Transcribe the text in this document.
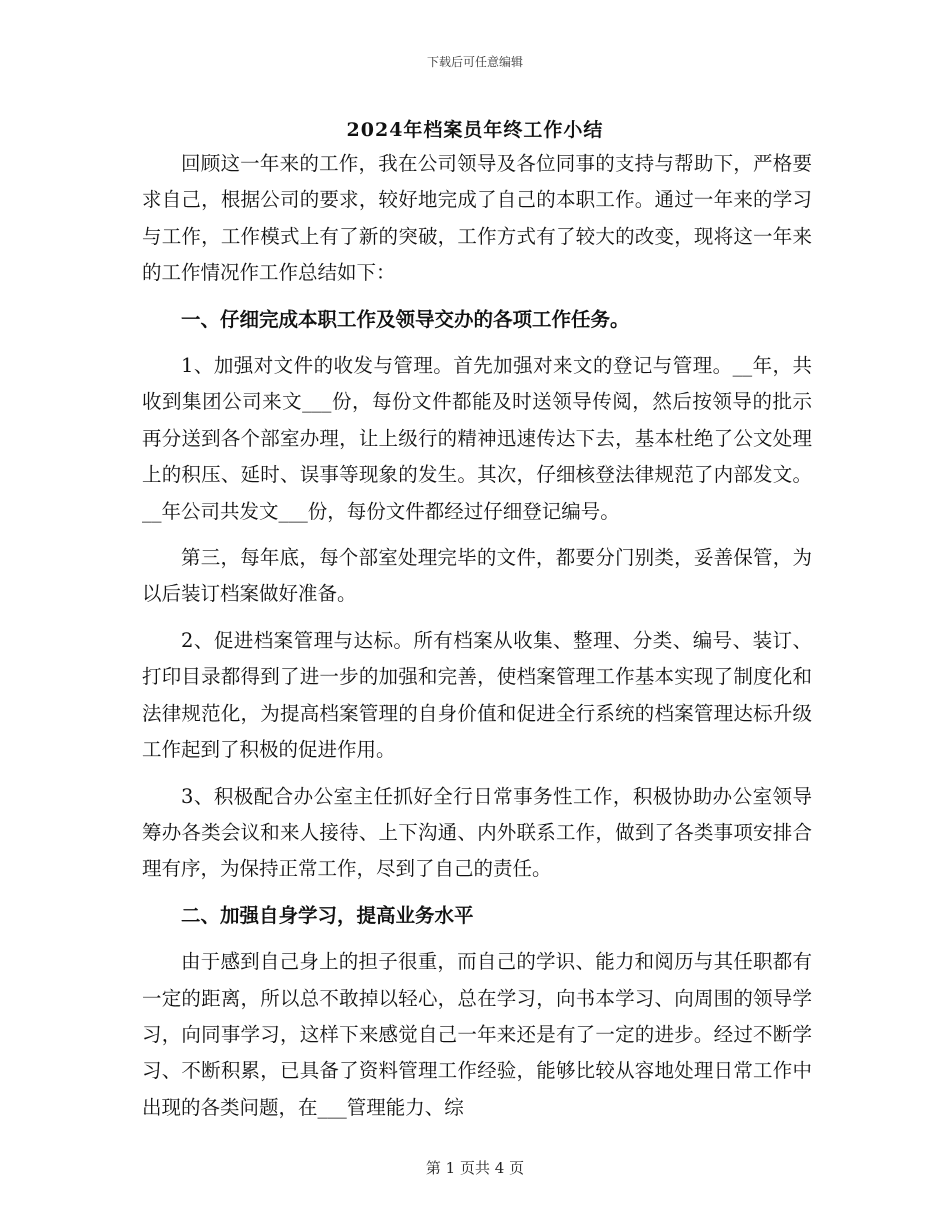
下载后可任意编辑
2024年档案员年终工作小结

回顾这一年来的工作，我在公司领导及各位同事的支持与帮助下，严格要求自己，根据公司的要求，较好地完成了自己的本职工作。通过一年来的学习与工作，工作模式上有了新的突破，工作方式有了较大的改变，现将这一年来的工作情况作工作总结如下：

一、仔细完成本职工作及领导交办的各项工作任务。

1、加强对文件的收发与管理。首先加强对来文的登记与管理。__年，共收到集团公司来文___份，每份文件都能及时送领导传阅，然后按领导的批示再分送到各个部室办理，让上级行的精神迅速传达下去，基本杜绝了公文处理上的积压、延时、误事等现象的发生。其次，仔细核登法律规范了内部发文。__年公司共发文___份，每份文件都经过仔细登记编号。

第三，每年底，每个部室处理完毕的文件，都要分门别类，妥善保管，为以后装订档案做好准备。

2、促进档案管理与达标。所有档案从收集、整理、分类、编号、装订、打印目录都得到了进一步的加强和完善，使档案管理工作基本实现了制度化和法律规范化，为提高档案管理的自身价值和促进全行系统的档案管理达标升级工作起到了积极的促进作用。

3、积极配合办公室主任抓好全行日常事务性工作，积极协助办公室领导筹办各类会议和来人接待、上下沟通、内外联系工作，做到了各类事项安排合理有序，为保持正常工作，尽到了自己的责任。

二、加强自身学习，提高业务水平

由于感到自己身上的担子很重，而自己的学识、能力和阅历与其任职都有一定的距离，所以总不敢掉以轻心，总在学习，向书本学习、向周围的领导学习，向同事学习，这样下来感觉自己一年来还是有了一定的进步。经过不断学习、不断积累，已具备了资料管理工作经验，能够比较从容地处理日常工作中出现的各类问题，在___管理能力、综

第 1 页共 4 页
